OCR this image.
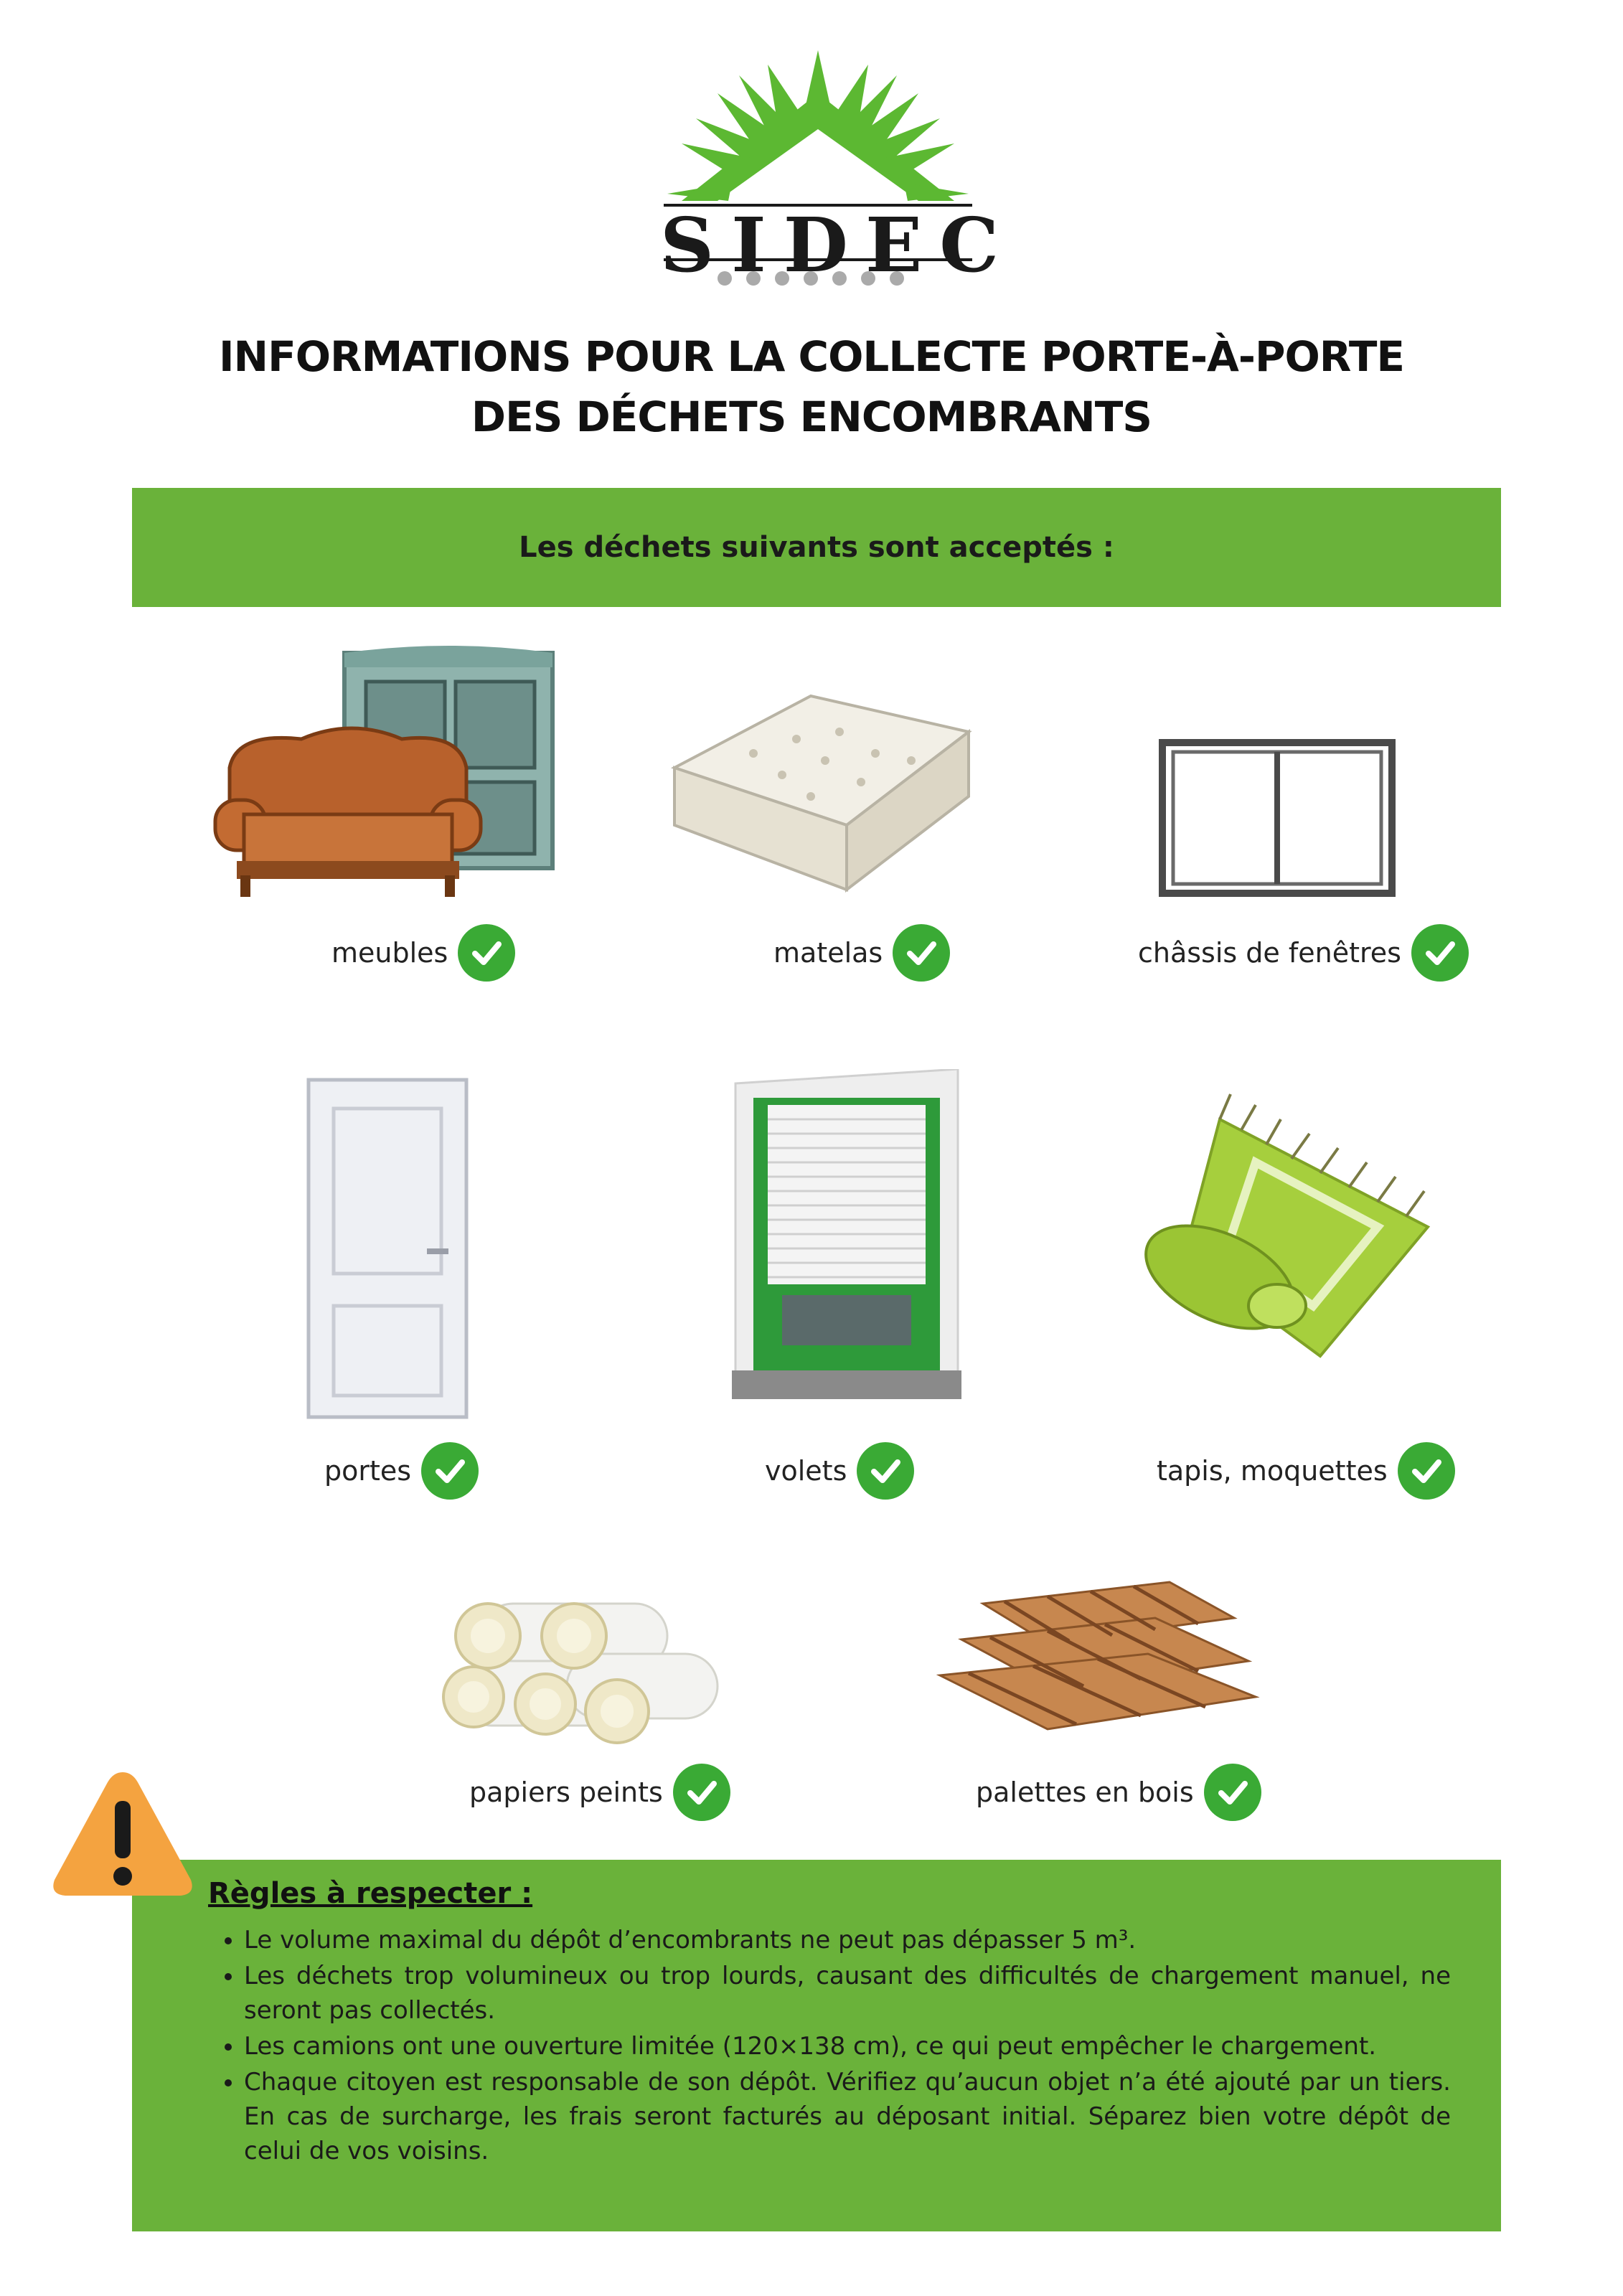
SIDEC
INFORMATIONS POUR LA COLLECTE PORTE-À-PORTE
DES DÉCHETS ENCOMBRANTS
Les déchets suivants sont acceptés :
meubles	matelas	châssis de fenêtres
portes	volets	tapis, moquettes
papiers peints	palettes en bois
Règles à respecter :
• Le volume maximal du dépôt d’encombrants ne peut pas dépasser 5 m³.
• Les déchets trop volumineux ou trop lourds, causant des difficultés de chargement manuel, ne seront pas collectés.
• Les camions ont une ouverture limitée (120×138 cm), ce qui peut empêcher le chargement.
• Chaque citoyen est responsable de son dépôt. Vérifiez qu’aucun objet n’a été ajouté par un tiers. En cas de surcharge, les frais seront facturés au déposant initial. Séparez bien votre dépôt de celui de vos voisins.
